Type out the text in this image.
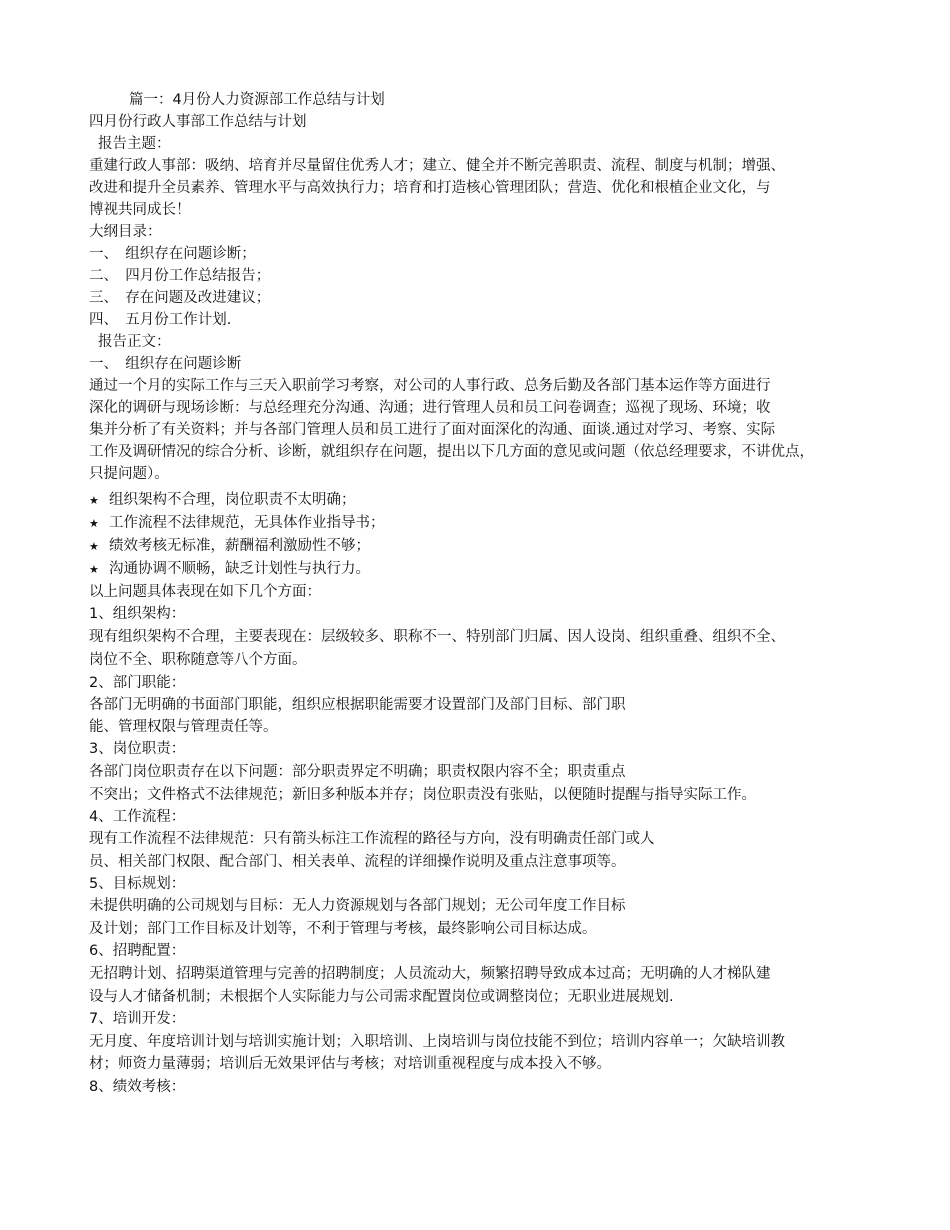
篇一：4月份人力资源部工作总结与计划
四月份行政人事部工作总结与计划
报告主题：
重建行政人事部：吸纳、培育并尽量留住优秀人才；建立、健全并不断完善职责、流程、制度与机制；增强、
改进和提升全员素养、管理水平与高效执行力；培育和打造核心管理团队；营造、优化和根植企业文化，与
博视共同成长！
大纲目录：
一、　组织存在问题诊断；
二、　四月份工作总结报告；
三、　存在问题及改进建议；
四、　五月份工作计划.
报告正文：
一、　组织存在问题诊断
通过一个月的实际工作与三天入职前学习考察，对公司的人事行政、总务后勤及各部门基本运作等方面进行
深化的调研与现场诊断：与总经理充分沟通、沟通；进行管理人员和员工问卷调查；巡视了现场、环境；收
集并分析了有关资料；并与各部门管理人员和员工进行了面对面深化的沟通、面谈.通过对学习、考察、实际
工作及调研情况的综合分析、诊断，就组织存在问题，提出以下几方面的意见或问题（依总经理要求，不讲优点，
只提问题）。
★ 组织架构不合理，岗位职责不太明确；
★ 工作流程不法律规范，无具体作业指导书；
★ 绩效考核无标准，薪酬福利激励性不够；
★ 沟通协调不顺畅，缺乏计划性与执行力。
以上问题具体表现在如下几个方面：
1、组织架构：
现有组织架构不合理，主要表现在：层级较多、职称不一、特别部门归属、因人设岗、组织重叠、组织不全、
岗位不全、职称随意等八个方面。
2、部门职能：
各部门无明确的书面部门职能，组织应根据职能需要才设置部门及部门目标、部门职
能、管理权限与管理责任等。
3、岗位职责：
各部门岗位职责存在以下问题：部分职责界定不明确；职责权限内容不全；职责重点
不突出；文件格式不法律规范；新旧多种版本并存；岗位职责没有张贴，以便随时提醒与指导实际工作。
4、工作流程：
现有工作流程不法律规范：只有箭头标注工作流程的路径与方向，没有明确责任部门或人
员、相关部门权限、配合部门、相关表单、流程的详细操作说明及重点注意事项等。
5、目标规划：
未提供明确的公司规划与目标：无人力资源规划与各部门规划；无公司年度工作目标
及计划；部门工作目标及计划等，不利于管理与考核，最终影响公司目标达成。
6、招聘配置：
无招聘计划、招聘渠道管理与完善的招聘制度；人员流动大，频繁招聘导致成本过高；无明确的人才梯队建
设与人才储备机制；未根据个人实际能力与公司需求配置岗位或调整岗位；无职业进展规划.
7、培训开发：
无月度、年度培训计划与培训实施计划；入职培训、上岗培训与岗位技能不到位；培训内容单一；欠缺培训教
材；师资力量薄弱；培训后无效果评估与考核；对培训重视程度与成本投入不够。
8、绩效考核：
